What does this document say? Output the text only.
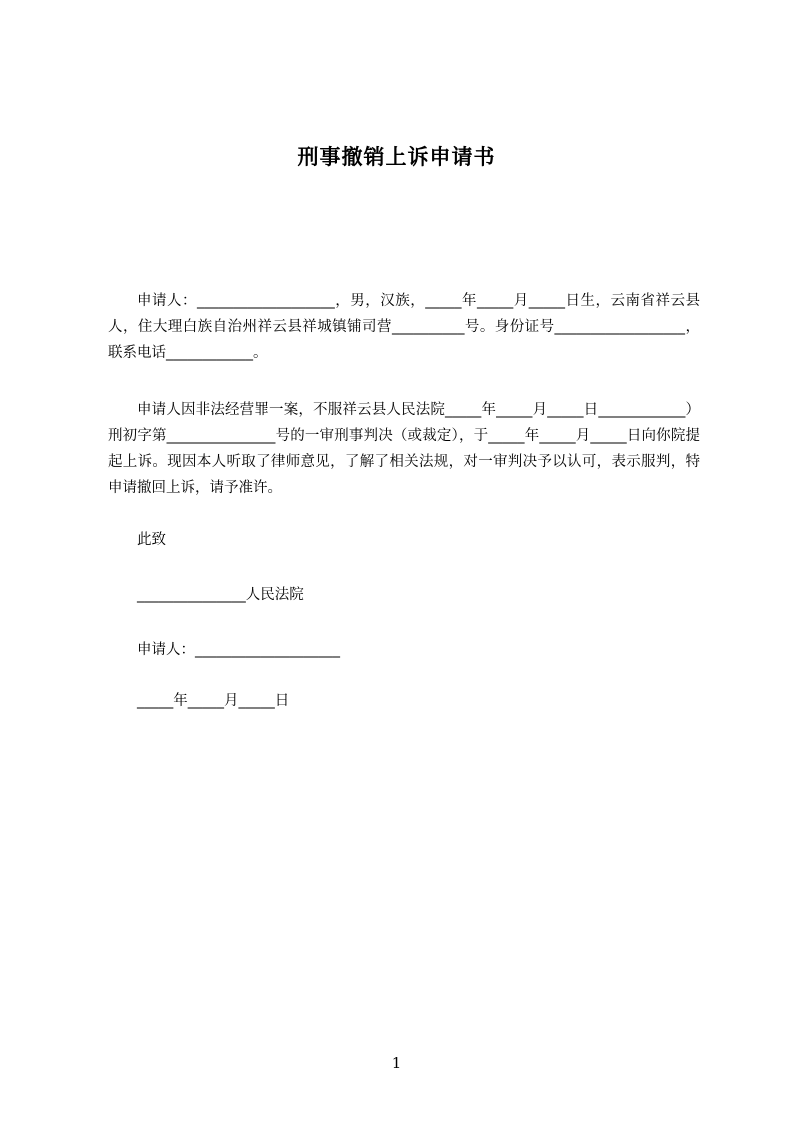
刑事撤销上诉申请书

申请人：___________________，男，汉族，_____年_____月_____日生，云南省祥云县人，住大理白族自治州祥云县祥城镇铺司营__________号。身份证号__________________，联系电话____________。

申请人因非法经营罪一案，不服祥云县人民法院_____年_____月_____日____________）刑初字第_______________号的一审刑事判决（或裁定），于_____年_____月_____日向你院提起上诉。现因本人听取了律师意见，了解了相关法规，对一审判决予以认可，表示服判，特申请撤回上诉，请予准许。

此致

_______________人民法院

申请人：____________________

_____年_____月_____日

1
